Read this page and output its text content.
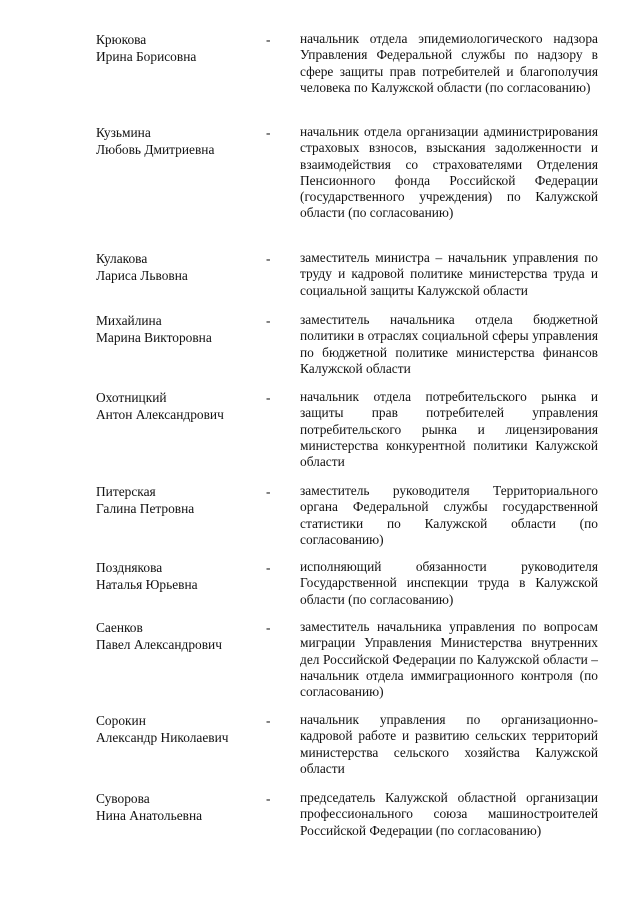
Крюкова
Ирина Борисовна
- начальник отдела эпидемиологического надзора Управления Федеральной службы по надзору в сфере защиты прав потребителей и благополучия человека по Калужской области (по согласованию)
Кузьмина
Любовь Дмитриевна
- начальник отдела организации администрирования страховых взносов, взыскания задолженности и взаимодействия со страхователями Отделения Пенсионного фонда Российской Федерации (государственного учреждения) по Калужской области (по согласованию)
Кулакова
Лариса Львовна
- заместитель министра – начальник управления по труду и кадровой политике министерства труда и социальной защиты Калужской области
Михайлина
Марина Викторовна
- заместитель начальника отдела бюджетной политики в отраслях социальной сферы управления по бюджетной политике министерства финансов Калужской области
Охотницкий
Антон Александрович
- начальник отдела потребительского рынка и защиты прав потребителей управления потребительского рынка и лицензирования министерства конкурентной политики Калужской области
Питерская
Галина Петровна
- заместитель руководителя Территориального органа Федеральной службы государственной статистики по Калужской области (по согласованию)
Позднякова
Наталья Юрьевна
- исполняющий обязанности руководителя Государственной инспекции труда в Калужской области (по согласованию)
Саенков
Павел Александрович
- заместитель начальника управления по вопросам миграции Управления Министерства внутренних дел Российской Федерации по Калужской области – начальник отдела иммиграционного контроля (по согласованию)
Сорокин
Александр Николаевич
- начальник управления по организационно-кадровой работе и развитию сельских территорий министерства сельского хозяйства Калужской области
Суворова
Нина Анатольевна
- председатель Калужской областной организации профессионального союза машиностроителей Российской Федерации (по согласованию)
